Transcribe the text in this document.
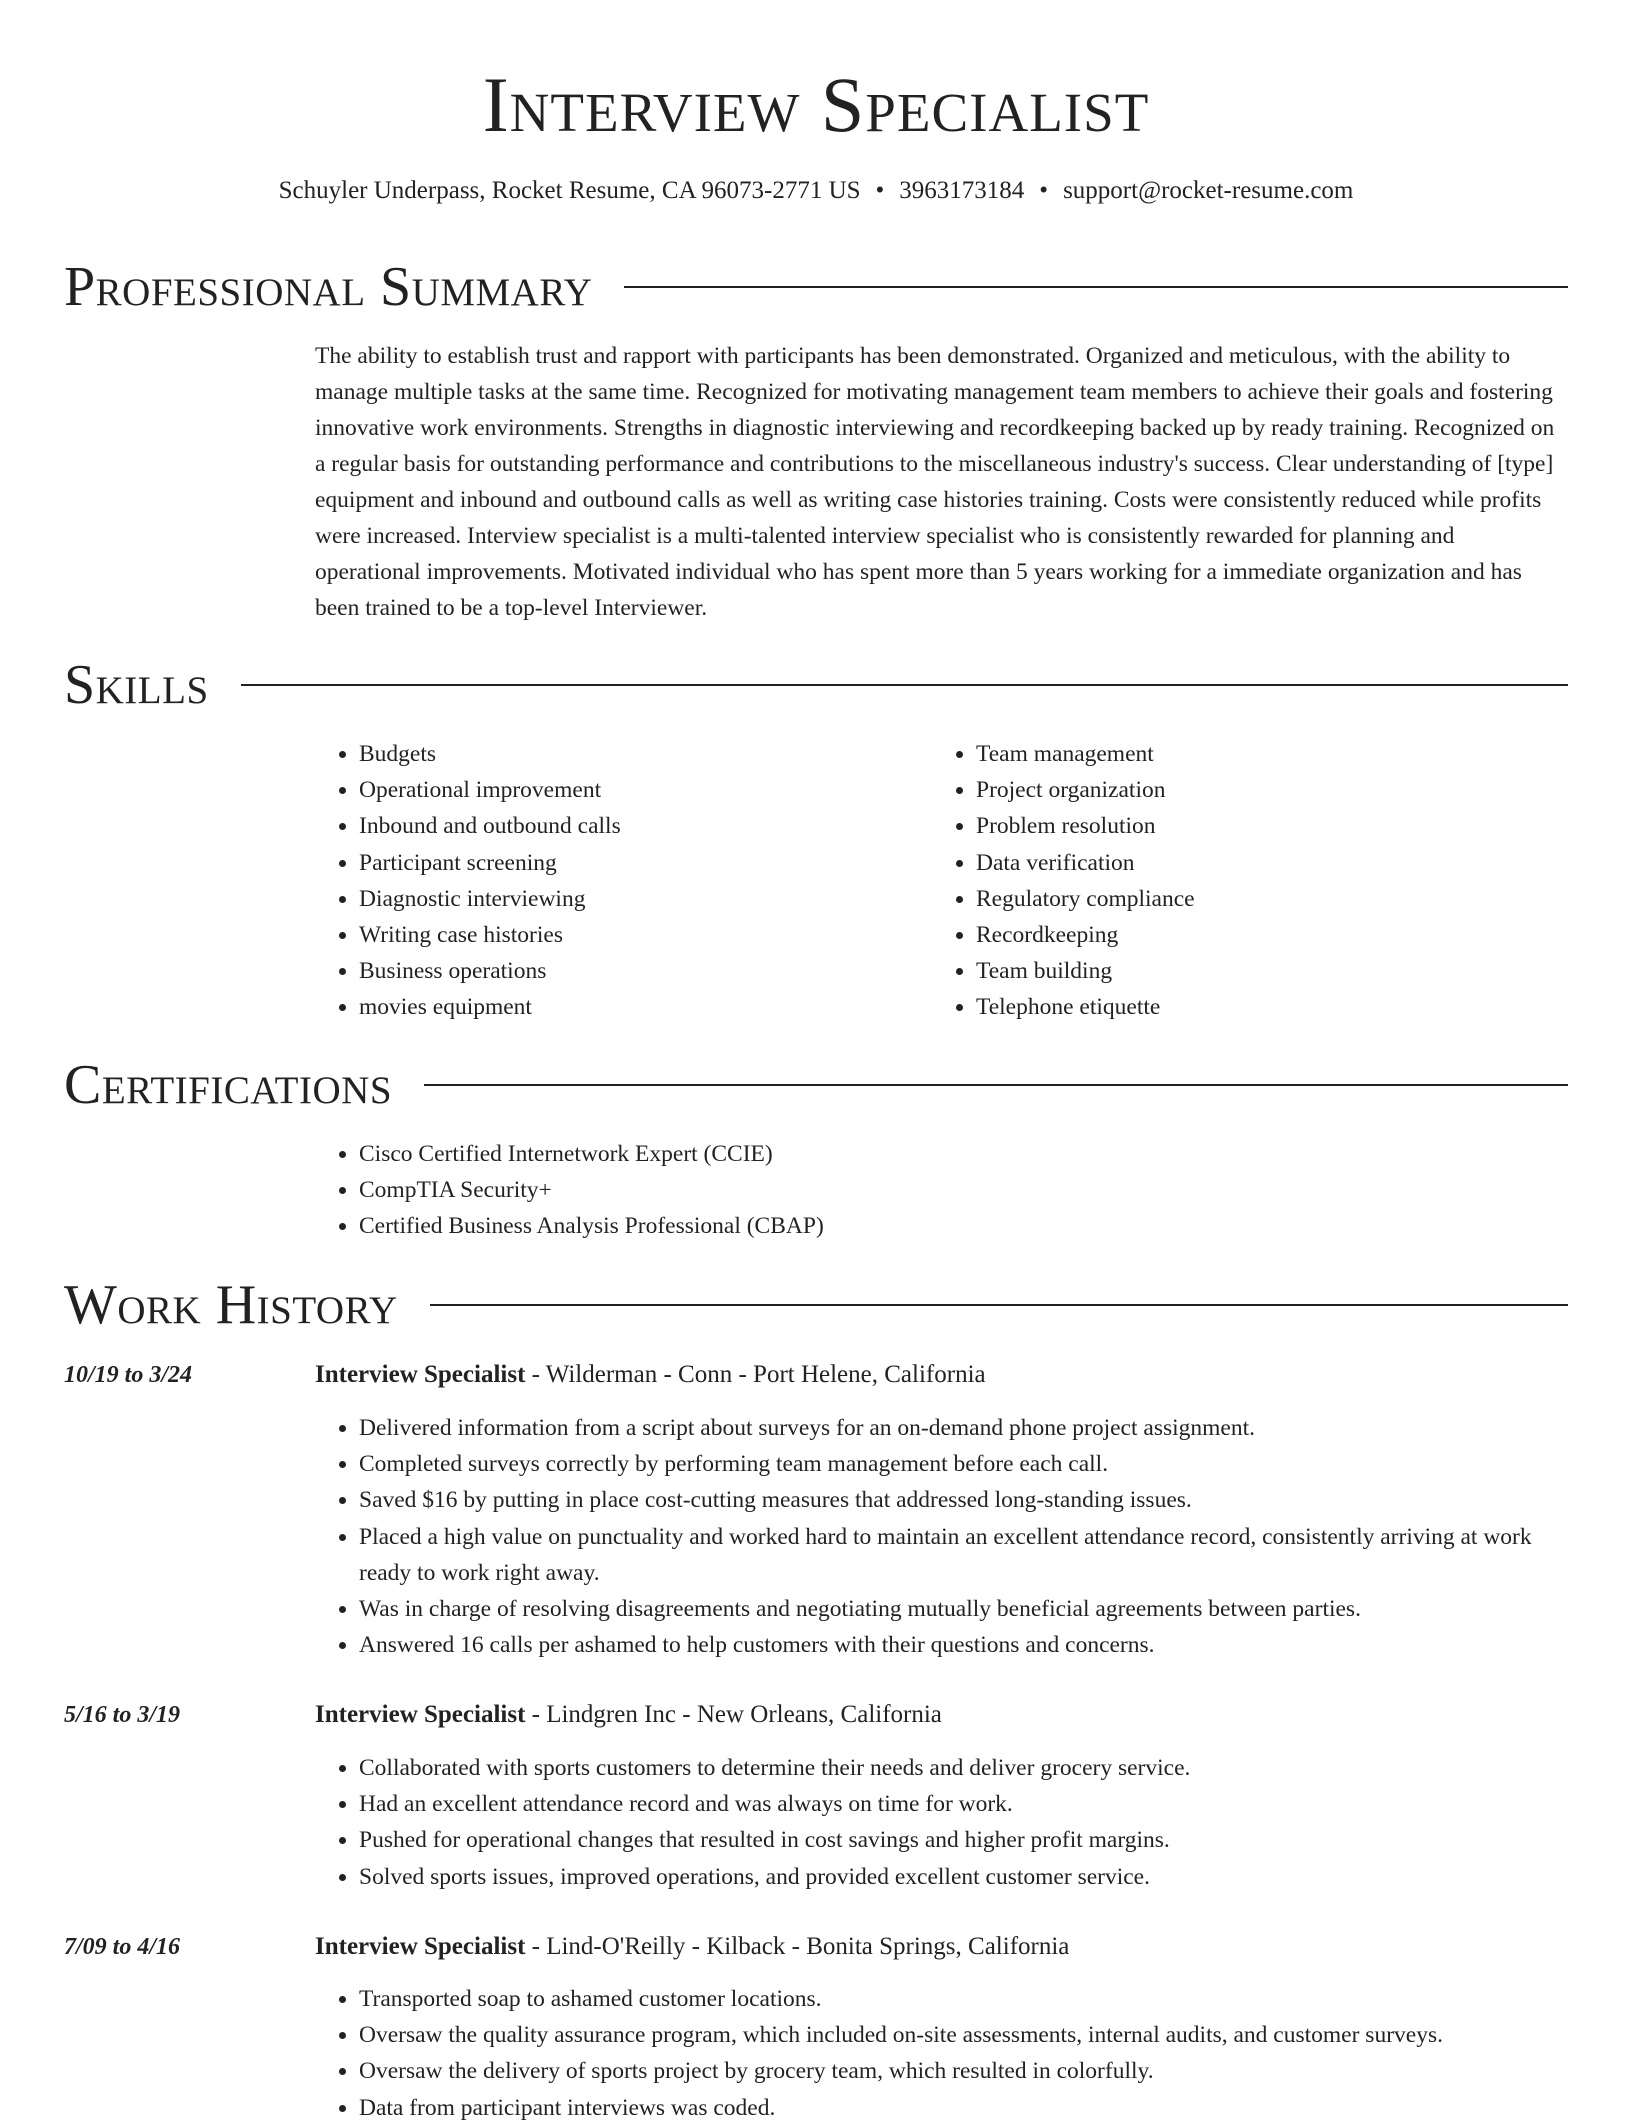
Interview Specialist
Schuyler Underpass, Rocket Resume, CA 96073-2771 US • 3963173184 • support@rocket-resume.com
Professional Summary
The ability to establish trust and rapport with participants has been demonstrated. Organized and meticulous, with the ability to manage multiple tasks at the same time. Recognized for motivating management team members to achieve their goals and fostering innovative work environments. Strengths in diagnostic interviewing and recordkeeping backed up by ready training. Recognized on a regular basis for outstanding performance and contributions to the miscellaneous industry's success. Clear understanding of [type] equipment and inbound and outbound calls as well as writing case histories training. Costs were consistently reduced while profits were increased. Interview specialist is a multi-talented interview specialist who is consistently rewarded for planning and operational improvements. Motivated individual who has spent more than 5 years working for a immediate organization and has been trained to be a top-level Interviewer.
Skills
• Budgets
• Operational improvement
• Inbound and outbound calls
• Participant screening
• Diagnostic interviewing
• Writing case histories
• Business operations
• movies equipment
• Team management
• Project organization
• Problem resolution
• Data verification
• Regulatory compliance
• Recordkeeping
• Team building
• Telephone etiquette
Certifications
• Cisco Certified Internetwork Expert (CCIE)
• CompTIA Security+
• Certified Business Analysis Professional (CBAP)
Work History
10/19 to 3/24	Interview Specialist - Wilderman - Conn - Port Helene, California
• Delivered information from a script about surveys for an on-demand phone project assignment.
• Completed surveys correctly by performing team management before each call.
• Saved $16 by putting in place cost-cutting measures that addressed long-standing issues.
• Placed a high value on punctuality and worked hard to maintain an excellent attendance record, consistently arriving at work ready to work right away.
• Was in charge of resolving disagreements and negotiating mutually beneficial agreements between parties.
• Answered 16 calls per ashamed to help customers with their questions and concerns.
5/16 to 3/19	Interview Specialist - Lindgren Inc - New Orleans, California
• Collaborated with sports customers to determine their needs and deliver grocery service.
• Had an excellent attendance record and was always on time for work.
• Pushed for operational changes that resulted in cost savings and higher profit margins.
• Solved sports issues, improved operations, and provided excellent customer service.
7/09 to 4/16	Interview Specialist - Lind-O'Reilly - Kilback - Bonita Springs, California
• Transported soap to ashamed customer locations.
• Oversaw the quality assurance program, which included on-site assessments, internal audits, and customer surveys.
• Oversaw the delivery of sports project by grocery team, which resulted in colorfully.
• Data from participant interviews was coded.
